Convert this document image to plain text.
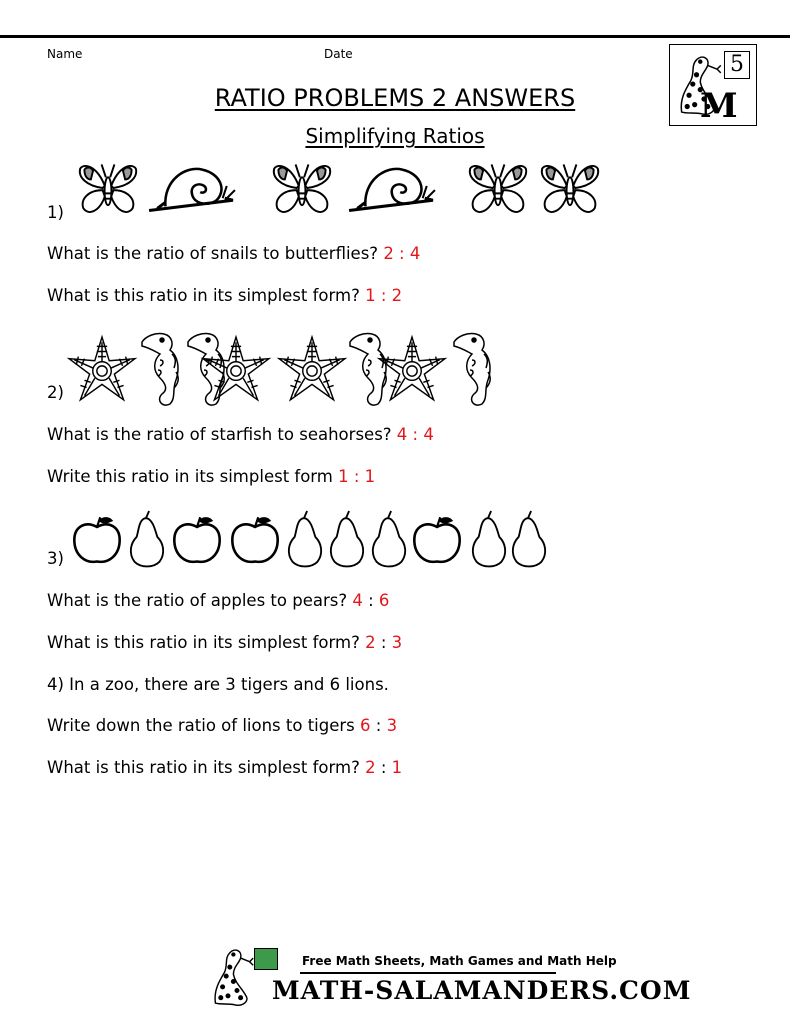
Name	Date	5
M
RATIO PROBLEMS 2 ANSWERS
Simplifying Ratios
1)
What is the ratio of snails to butterflies? 2 : 4
What is this ratio in its simplest form? 1 : 2
2)
What is the ratio of starfish to seahorses? 4 : 4
Write this ratio in its simplest form 1 : 1
3)
What is the ratio of apples to pears? 4 : 6
What is this ratio in its simplest form? 2 : 3
4) In a zoo, there are 3 tigers and 6 lions.
Write down the ratio of lions to tigers 6 : 3
What is this ratio in its simplest form? 2 : 1
Free Math Sheets, Math Games and Math Help
MATH-SALAMANDERS.COM
